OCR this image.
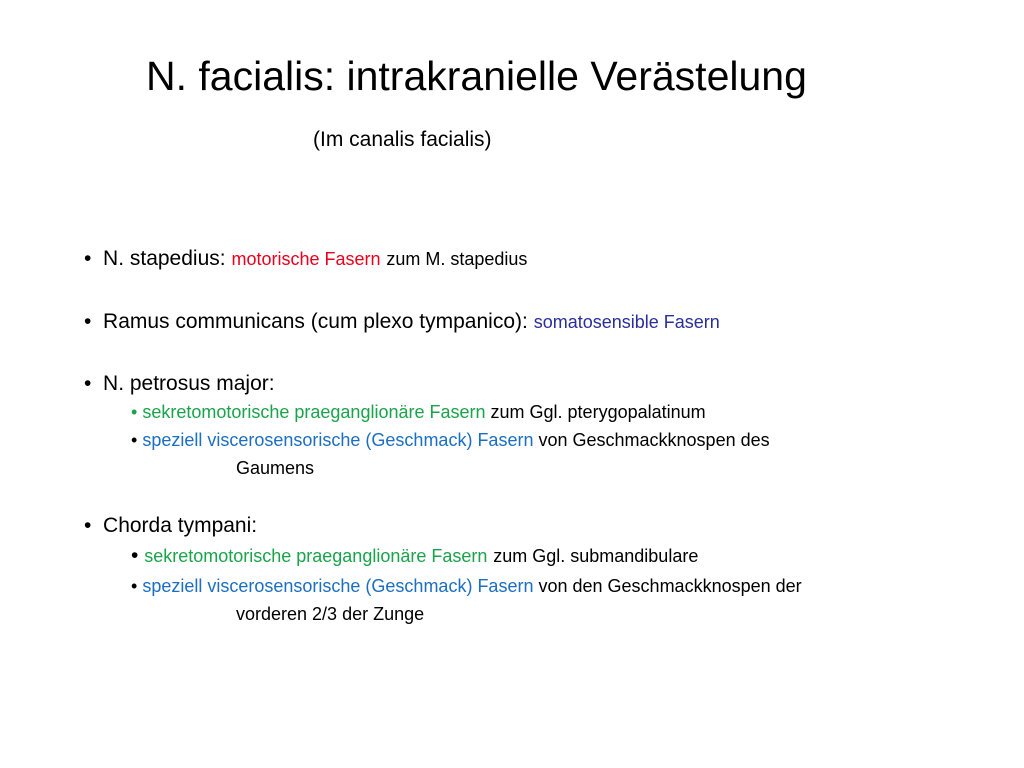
N. facialis: intrakranielle Verästelung
(Im canalis facialis)
• N. stapedius: motorische Fasern zum M. stapedius
• Ramus communicans (cum plexo tympanico): somatosensible Fasern
• N. petrosus major:
• sekretomotorische praeganglionäre Fasern zum Ggl. pterygopalatinum
• speziell viscerosensorische (Geschmack) Fasern von Geschmackknospen des
Gaumens
• Chorda tympani:
• sekretomotorische praeganglionäre Fasern zum Ggl. submandibulare
• speziell viscerosensorische (Geschmack) Fasern von den Geschmackknospen der
vorderen 2/3 der Zunge
